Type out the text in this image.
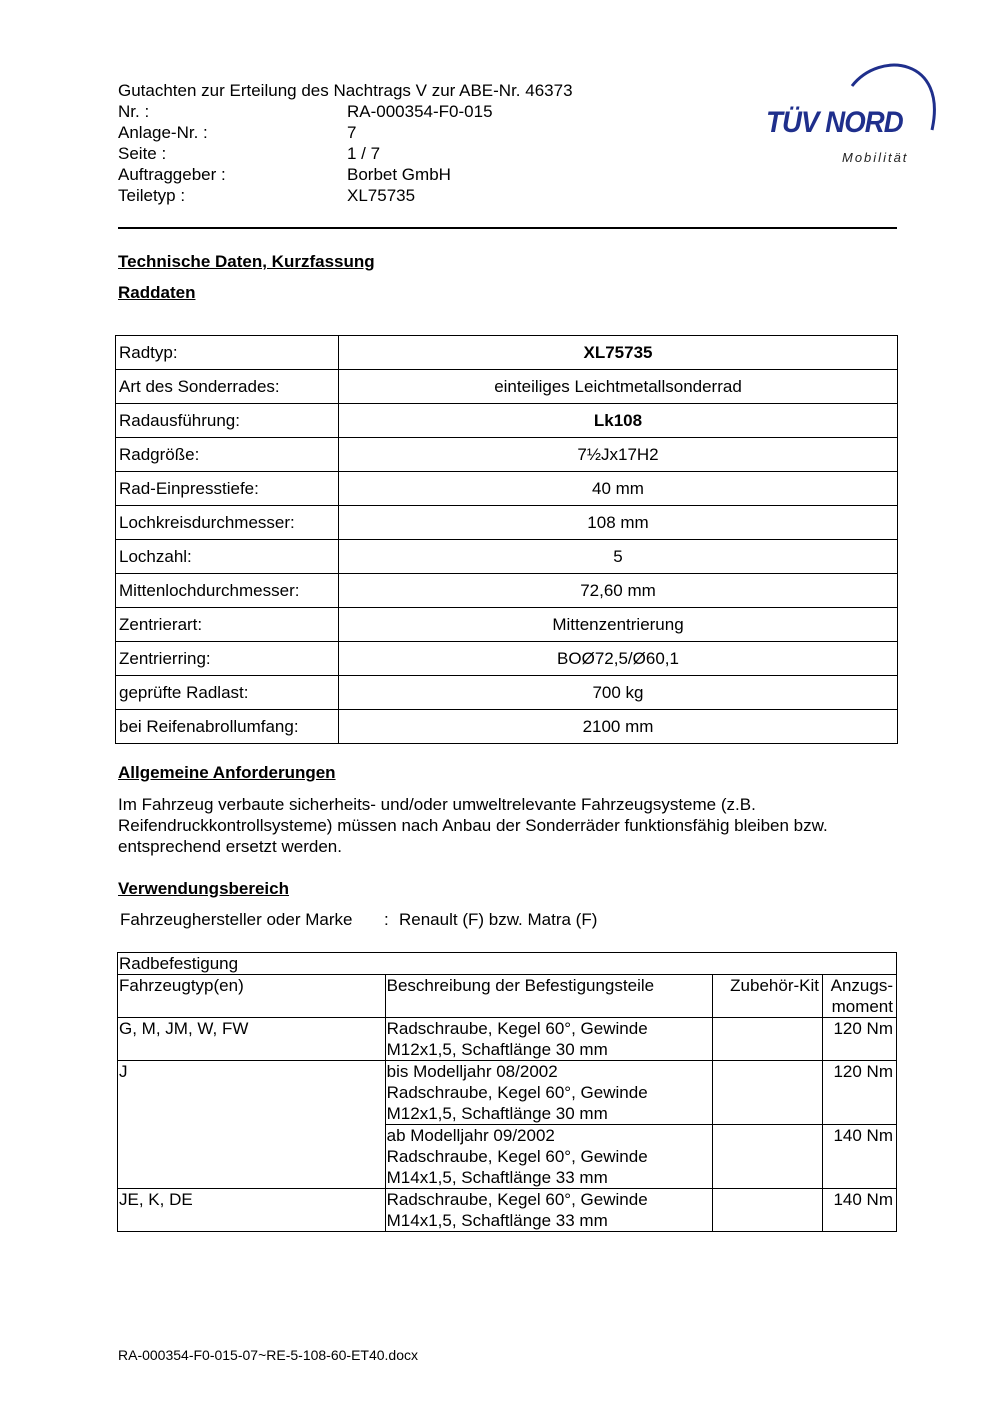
Gutachten zur Erteilung des Nachtrags V zur ABE-Nr. 46373
Nr. :	RA-000354-F0-015
Anlage-Nr. :	7
Seite :	1 / 7
Auftraggeber :	Borbet GmbH
Teiletyp :	XL75735
TÜV NORD
Mobilität
Technische Daten, Kurzfassung
Raddaten
Radtyp:	XL75735
Art des Sonderrades:	einteiliges Leichtmetallsonderrad
Radausführung:	Lk108
Radgröße:	7½Jx17H2
Rad-Einpresstiefe:	40 mm
Lochkreisdurchmesser:	108 mm
Lochzahl:	5
Mittenlochdurchmesser:	72,60 mm
Zentrierart:	Mittenzentrierung
Zentrierring:	BOØ72,5/Ø60,1
geprüfte Radlast:	700 kg
bei Reifenabrollumfang:	2100 mm
Allgemeine Anforderungen
Im Fahrzeug verbaute sicherheits- und/oder umweltrelevante Fahrzeugsysteme (z.B.
Reifendruckkontrollsysteme) müssen nach Anbau der Sonderräder funktionsfähig bleiben bzw.
entsprechend ersetzt werden.
Verwendungsbereich
Fahrzeughersteller oder Marke : Renault (F) bzw. Matra (F)
Radbefestigung			
Fahrzeugtyp(en)	Beschreibung der Befestigungsteile	Zubehör-Kit	Anzugs-
moment

G, M, JM, W, FW	Radschraube, Kegel 60°, Gewinde
M12x1,5, Schaftlänge 30 mm		120 Nm
J	bis Modelljahr 08/2002
Radschraube, Kegel 60°, Gewinde
M12x1,5, Schaftlänge 30 mm		120 Nm

	ab Modelljahr 09/2002
Radschraube, Kegel 60°, Gewinde
M14x1,5, Schaftlänge 33 mm		140 Nm
JE, K, DE	Radschraube, Kegel 60°, Gewinde
M14x1,5, Schaftlänge 33 mm		140 Nm
RA-000354-F0-015-07~RE-5-108-60-ET40.docx
